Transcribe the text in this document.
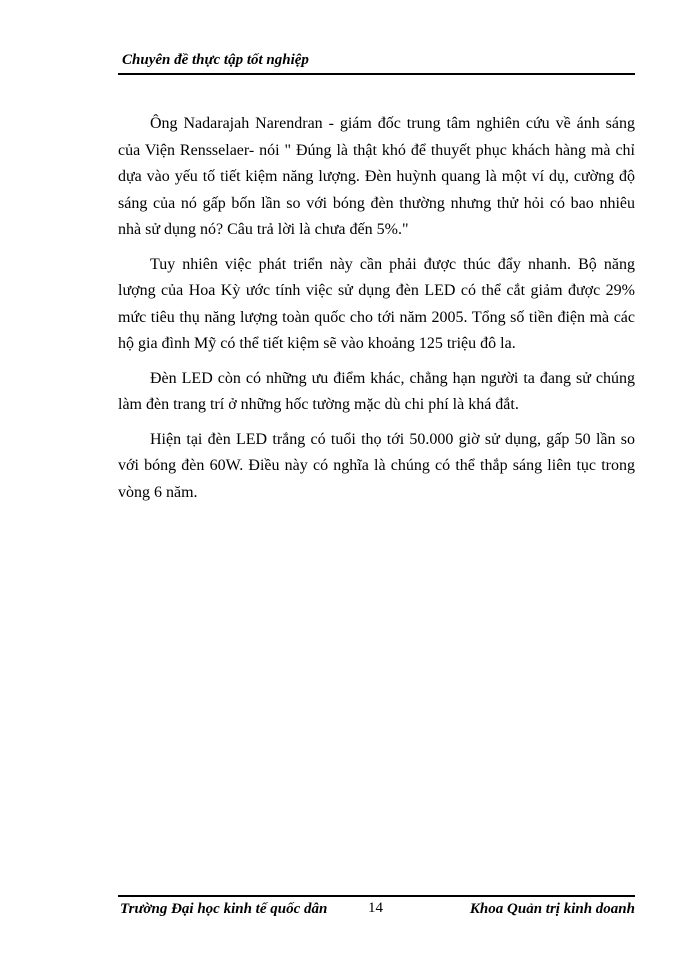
Chuyên đề thực tập tốt nghiệp

Ông Nadarajah Narendran - giám đốc trung tâm nghiên cứu về ánh sáng của Viện Rensselaer- nói " Đúng là thật khó để thuyết phục khách hàng mà chỉ dựa vào yếu tố tiết kiệm năng lượng. Đèn huỳnh quang là một ví dụ, cường độ sáng của nó gấp bốn lần so với bóng đèn thường nhưng thử hỏi có bao nhiêu nhà sử dụng nó? Câu trả lời là chưa đến 5%."

Tuy nhiên việc phát triển này cần phải được thúc đẩy nhanh. Bộ năng lượng của Hoa Kỳ ước tính việc sử dụng đèn LED có thể cắt giảm được 29% mức tiêu thụ năng lượng toàn quốc cho tới năm 2005. Tổng số tiền điện mà các hộ gia đình Mỹ có thể tiết kiệm sẽ vào khoảng 125 triệu đô la.

Đèn LED còn có những ưu điểm khác, chẳng hạn người ta đang sử chúng làm đèn trang trí ở những hốc tường mặc dù chi phí là khá đắt.

Hiện tại đèn LED trắng có tuổi thọ tới 50.000 giờ sử dụng, gấp 50 lần so với bóng đèn 60W. Điều này có nghĩa là chúng có thể thắp sáng liên tục trong vòng 6 năm.

Trường Đại học kinh tế quốc dân	14	Khoa Quản trị kinh doanh
